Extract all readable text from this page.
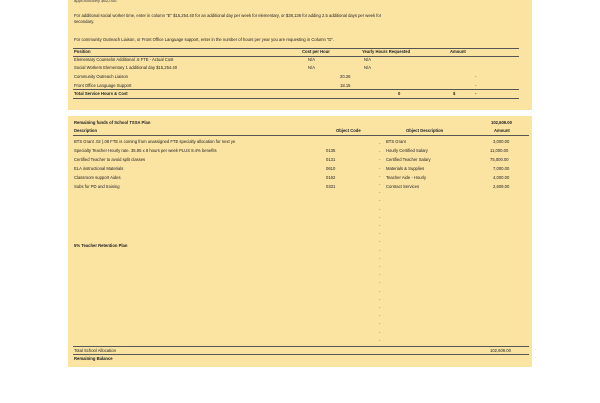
approximately $62,000.
For additional social worker time, enter in column "E" $15,254.40 for an additional day per week for elementary, or $38,136 for adding 2.5 additional days per week for
secondary.
For community Outreach Liaison, or Front Office Language support, enter in the number of hours per year you are requesting in Column "D".
Position	Cost per Hour	Yearly Hours Requested	Amount
Elementary Counselor Additional .5 FTE - Actual Cost	N/A	N/A
Social Workers Elementary 1 additional day $15,254.40	N/A	N/A
Community Outreach Liaison	20.26	-
Front Office Language Support	18.15	-
Total Service Hours & Cost	0	$	-
Remaining funds of School TSSA Plan	102,609.00
Description	Object Code	Object Description	Amount
BTS Grant .02 (.08 FTE is coming from unassigned FTE specialty allocation for next ye	BTS Grant	3,000.00
Specialty Teacher Hourly rate. 35.95 x 8 hours per week PLUS 8.4% benefits	0135	Hourly Certified Salary	11,000.00
Certified Teacher to avoid split classes	0131	Certified Teacher Salary	75,000.00
ELA instructional Materials	0610	Materials & Supplies	7,000.00
Classroom support Aides	0162	Teacher Aide - Hourly	4,000.00
Subs for PD and training	0331	Contract Services	2,609.00
5% Teacher Retention Plan
Total School Allocation	102,609.00
Remaining Balance
-
-
-
-
-
-
-
-
-
-
-
-
-
-
-
-
-
-
-
-
-
-
-
-
-
